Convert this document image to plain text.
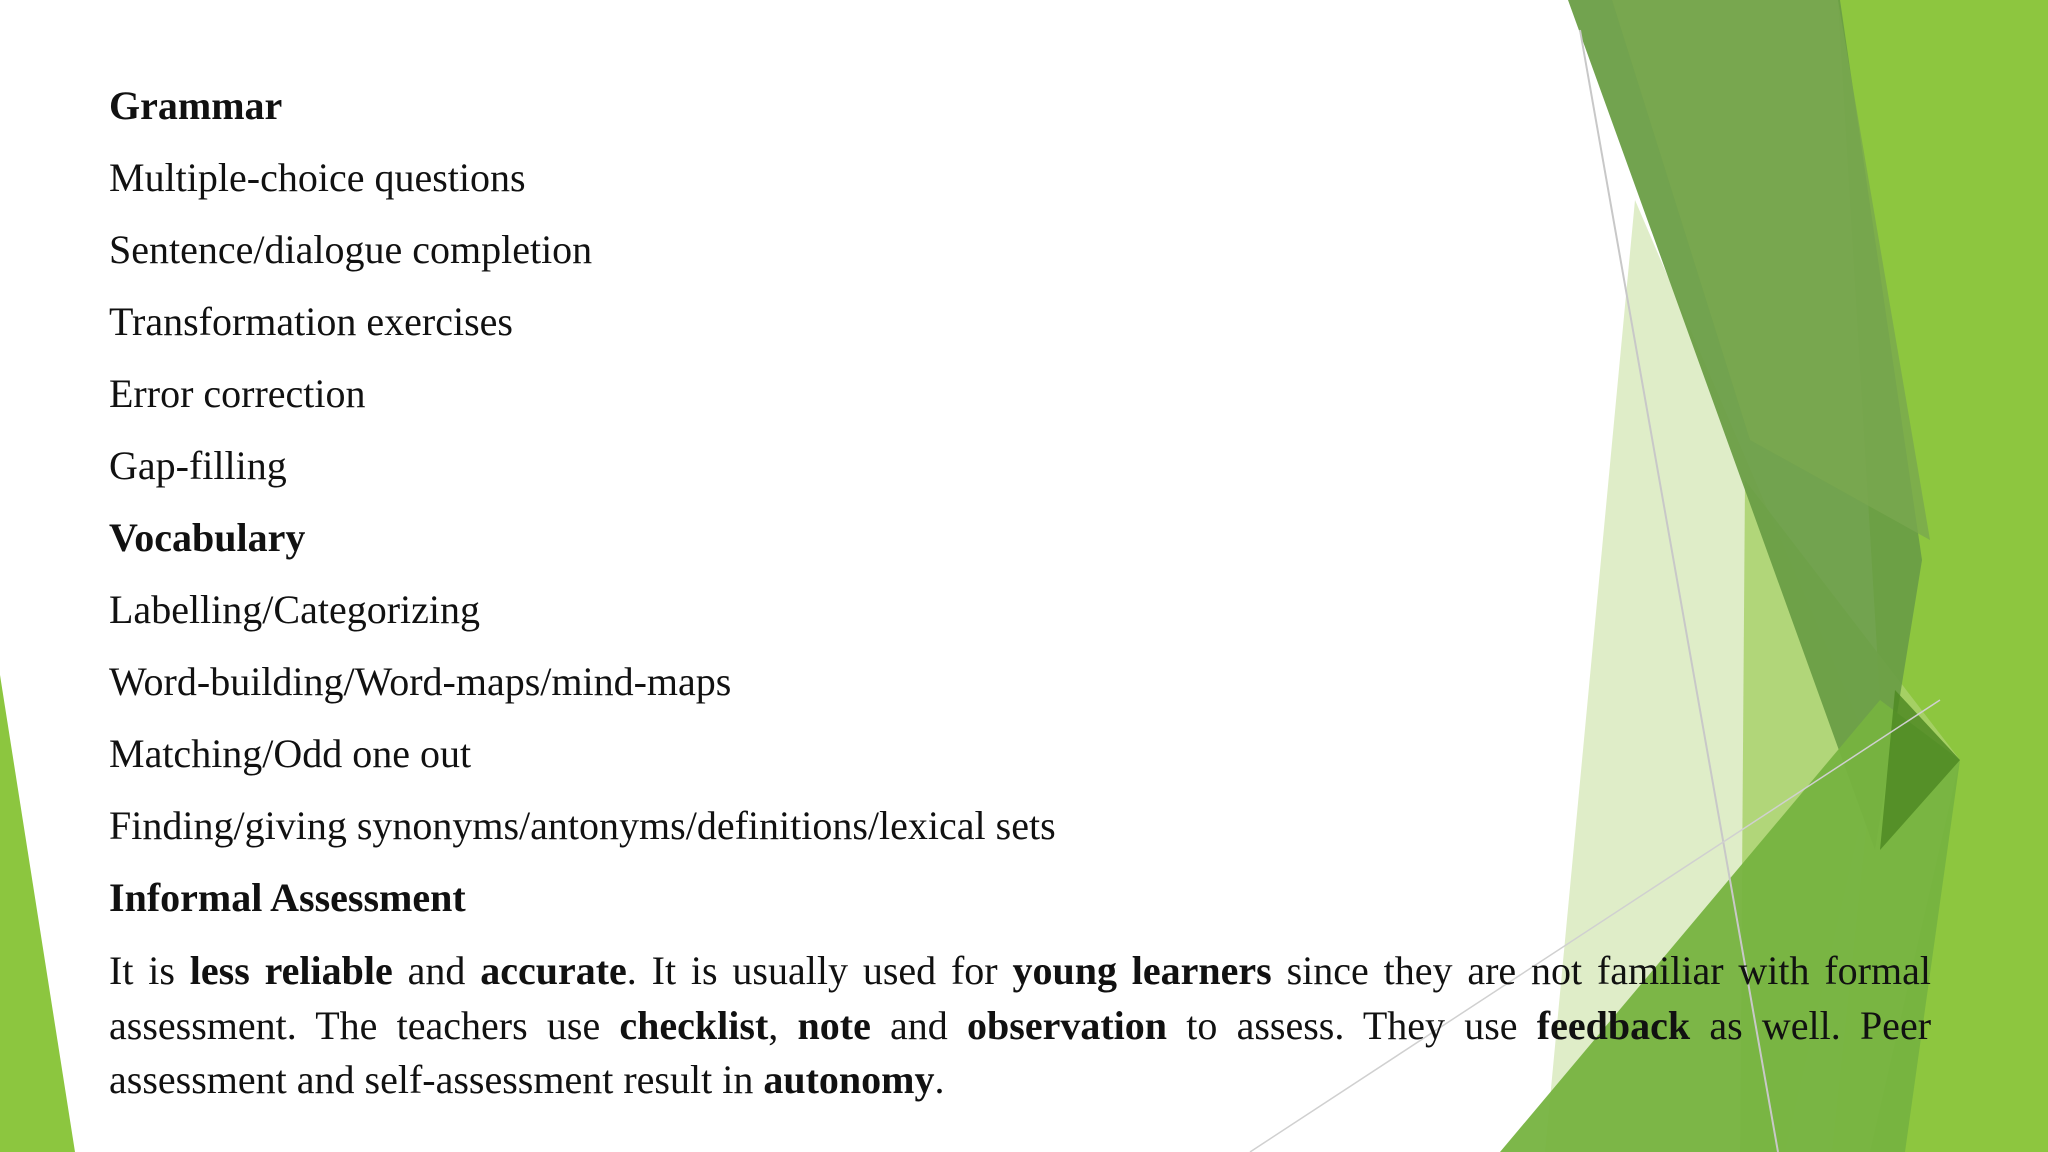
Grammar
Multiple-choice questions
Sentence/dialogue completion
Transformation exercises
Error correction
Gap-filling
Vocabulary
Labelling/Categorizing
Word-building/Word-maps/mind-maps
Matching/Odd one out
Finding/giving synonyms/antonyms/definitions/lexical sets
Informal Assessment
It is less reliable and accurate. It is usually used for young learners since they are not familiar with formal assessment. The teachers use checklist, note and observation to assess. They use feedback as well. Peer assessment and self-assessment result in autonomy.
